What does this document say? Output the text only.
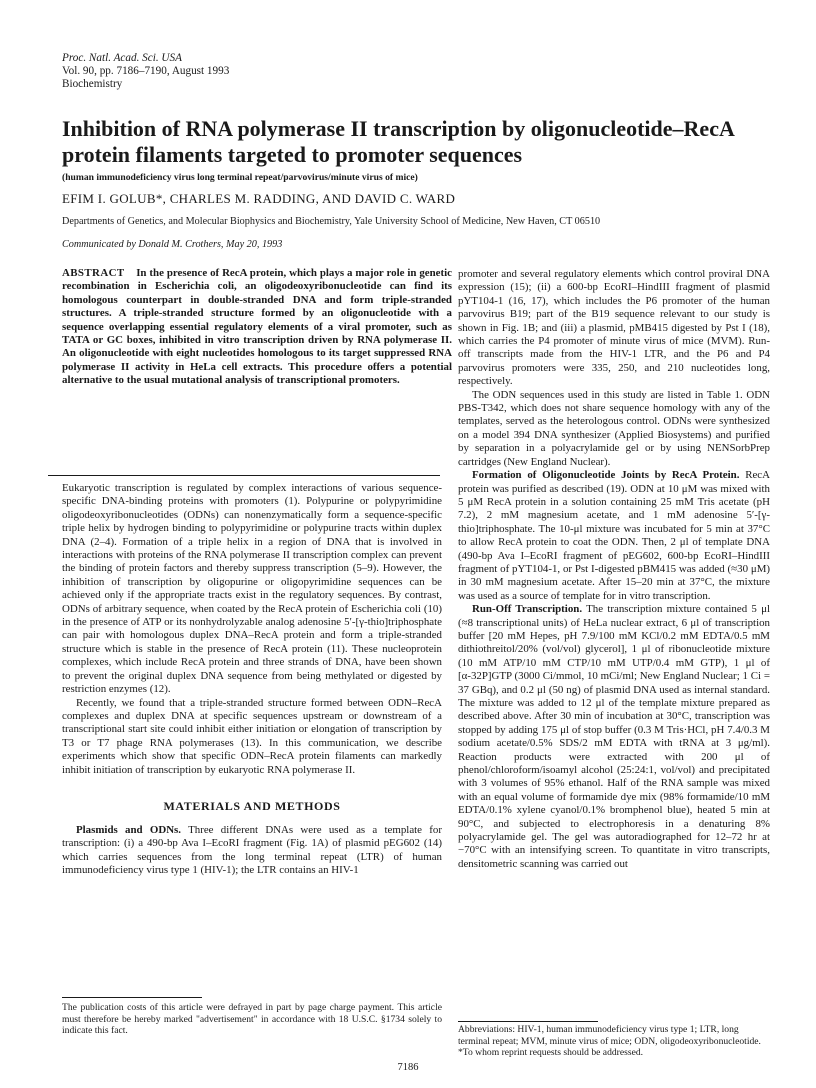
Proc. Natl. Acad. Sci. USA
Vol. 90, pp. 7186–7190, August 1993
Biochemistry
Inhibition of RNA polymerase II transcription by oligonucleotide–RecA protein filaments targeted to promoter sequences
(human immunodeficiency virus long terminal repeat/parvovirus/minute virus of mice)
EFIM I. GOLUB*, CHARLES M. RADDING, AND DAVID C. WARD
Departments of Genetics, and Molecular Biophysics and Biochemistry, Yale University School of Medicine, New Haven, CT 06510
Communicated by Donald M. Crothers, May 20, 1993

ABSTRACT In the presence of RecA protein, which plays a major role in genetic recombination in Escherichia coli, an oligodeoxyribonucleotide can find its homologous counterpart in double-stranded DNA and form triple-stranded structures. A triple-stranded structure formed by an oligonucleotide with a sequence overlapping essential regulatory elements of a viral promoter, such as TATA or GC boxes, inhibited in vitro transcription driven by RNA polymerase II. An oligonucleotide with eight nucleotides homologous to its target suppressed RNA polymerase II activity in HeLa cell extracts. This procedure offers a potential alternative to the usual mutational analysis of transcriptional promoters.

Eukaryotic transcription is regulated by complex interactions of various sequence-specific DNA-binding proteins with promoters (1). Polypurine or polypyrimidine oligodeoxyribonucleotides (ODNs) can nonenzymatically form a sequence-specific triple helix by hydrogen binding to polypyrimidine or polypurine tracts within duplex DNA (2–4). Formation of a triple helix in a region of DNA that is involved in interactions with proteins of the RNA polymerase II transcription complex can prevent the binding of protein factors and thereby suppress transcription (5–9). However, the inhibition of transcription by oligopurine or oligopyrimidine sequences can be achieved only if the appropriate tracts exist in the regulatory sequences. By contrast, ODNs of arbitrary sequence, when coated by the RecA protein of Escherichia coli (10) in the presence of ATP or its nonhydrolyzable analog adenosine 5′-[γ-thio]triphosphate can pair with homologous duplex DNA–RecA protein and form a triple-stranded structure which is stable in the presence of RecA protein (11). These nucleoprotein complexes, which include RecA protein and three strands of DNA, have been shown to prevent the original duplex DNA sequence from being methylated or digested by restriction enzymes (12).

Recently, we found that a triple-stranded structure formed between ODN–RecA complexes and duplex DNA at specific sequences upstream or downstream of a transcriptional start site could inhibit either initiation or elongation of transcription by T3 or T7 phage RNA polymerases (13). In this communication, we describe experiments which show that specific ODN–RecA protein filaments can markedly inhibit initiation of transcription by eukaryotic RNA polymerase II.

MATERIALS AND METHODS

Plasmids and ODNs. Three different DNAs were used as a template for transcription: (i) a 490-bp Ava I–EcoRI fragment (Fig. 1A) of plasmid pEG602 (14) which carries sequences from the long terminal repeat (LTR) of human immunodeficiency virus type 1 (HIV-1); the LTR contains an HIV-1

promoter and several regulatory elements which control proviral DNA expression (15); (ii) a 600-bp EcoRI–HindIII fragment of plasmid pYT104-1 (16, 17), which includes the P6 promoter of the human parvovirus B19; part of the B19 sequence relevant to our study is shown in Fig. 1B; and (iii) a plasmid, pMB415 digested by Pst I (18), which carries the P4 promoter of minute virus of mice (MVM). Run-off transcripts made from the HIV-1 LTR, and the P6 and P4 parvovirus promoters were 335, 250, and 210 nucleotides long, respectively.

The ODN sequences used in this study are listed in Table 1. ODN PBS-T342, which does not share sequence homology with any of the templates, served as the heterologous control. ODNs were synthesized on a model 394 DNA synthesizer (Applied Biosystems) and purified by separation in a polyacrylamide gel or by using NENSorbPrep cartridges (New England Nuclear).

Formation of Oligonucleotide Joints by RecA Protein. RecA protein was purified as described (19). ODN at 10 μM was mixed with 5 μM RecA protein in a solution containing 25 mM Tris acetate (pH 7.2), 2 mM magnesium acetate, and 1 mM adenosine 5′-[γ-thio]triphosphate. The 10-μl mixture was incubated for 5 min at 37°C to allow RecA protein to coat the ODN. Then, 2 μl of template DNA (490-bp Ava I–EcoRI fragment of pEG602, 600-bp EcoRI–HindIII fragment of pYT104-1, or Pst I-digested pBM415 was added (≈30 μM) in 30 mM magnesium acetate. After 15–20 min at 37°C, the mixture was used as a source of template for in vitro transcription.

Run-Off Transcription. The transcription mixture contained 5 μl (≈8 transcriptional units) of HeLa nuclear extract, 6 μl of transcription buffer [20 mM Hepes, pH 7.9/100 mM KCl/0.2 mM EDTA/0.5 mM dithiothreitol/20% (vol/vol) glycerol], 1 μl of ribonucleotide mixture (10 mM ATP/10 mM CTP/10 mM UTP/0.4 mM GTP), 1 μl of [α-32P]GTP (3000 Ci/mmol, 10 mCi/ml; New England Nuclear; 1 Ci = 37 GBq), and 0.2 μl (50 ng) of plasmid DNA used as internal standard. The mixture was added to 12 μl of the template mixture prepared as described above. After 30 min of incubation at 30°C, transcription was stopped by adding 175 μl of stop buffer (0.3 M Tris·HCl, pH 7.4/0.3 M sodium acetate/0.5% SDS/2 mM EDTA with tRNA at 3 μg/ml). Reaction products were extracted with 200 μl of phenol/chloroform/isoamyl alcohol (25:24:1, vol/vol) and precipitated with 3 volumes of 95% ethanol. Half of the RNA sample was mixed with an equal volume of formamide dye mix (98% formamide/10 mM EDTA/0.1% xylene cyanol/0.1% bromphenol blue), heated 5 min at 90°C, and subjected to electrophoresis in a denaturing 8% polyacrylamide gel. The gel was autoradiographed for 12–72 hr at −70°C with an intensifying screen. To quantitate in vitro transcripts, densitometric scanning was carried out

The publication costs of this article were defrayed in part by page charge payment. This article must therefore be hereby marked "advertisement" in accordance with 18 U.S.C. §1734 solely to indicate this fact.	Abbreviations: HIV-1, human immunodeficiency virus type 1; LTR, long terminal repeat; MVM, minute virus of mice; ODN, oligodeoxyribonucleotide.
*To whom reprint requests should be addressed.
7186
